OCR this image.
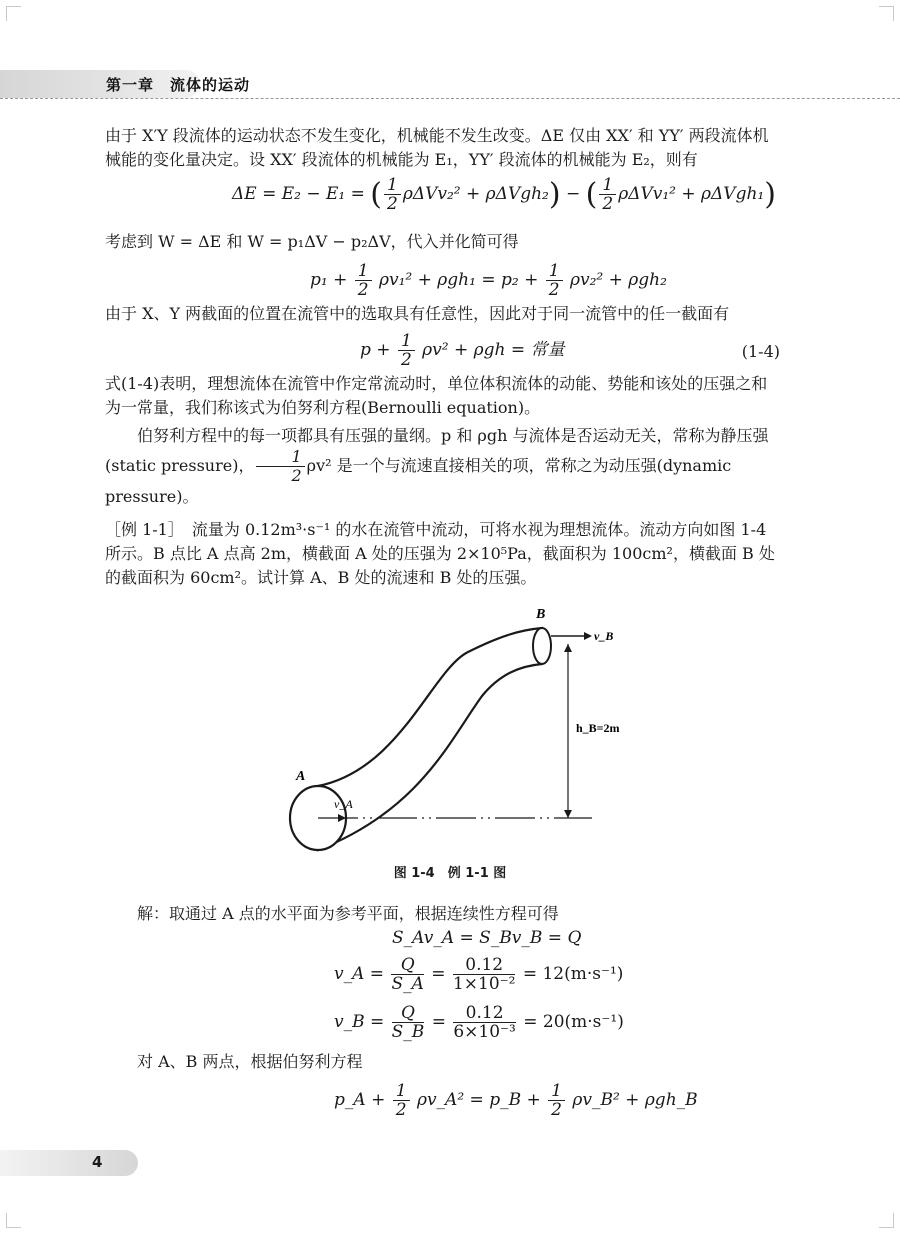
第一章　流体的运动

由于 X′Y 段流体的运动状态不发生变化，机械能不发生改变。ΔE 仅由 XX′ 和 YY′ 两段流体机械能的变化量决定。设 XX′ 段流体的机械能为 E₁，YY′ 段流体的机械能为 E₂，则有

ΔE = E₂ − E₁ = ( $\frac{1}{2} \rho\Delta Vv_2^2 + \rho\Delta Vgh_2$) − ( $\frac{1}{2} \rho\Delta Vv_1^2 + \rho\Delta Vgh_1$)

考虑到 W = ΔE 和 W = p₁ΔV − p₂ΔV，代入并化简可得

$p_1 + \frac{1}{2} \rho v_1^2 + \rho gh_1 = p_2 + \frac{1}{2} \rho v_2^2 + \rho gh_2$

由于 X、Y 两截面的位置在流管中的选取具有任意性，因此对于同一流管中的任一截面有

$p + \frac{1}{2} \rho v^2 + \rho gh$ = 常量	(1-4)

式(1-4)表明，理想流体在流管中作定常流动时，单位体积流体的动能、势能和该处的压强之和为一常量，我们称该式为伯努利方程(Bernoulli equation)。

伯努利方程中的每一项都具有压强的量纲。p 和 ρgh 与流体是否运动无关，常称为静压强(static pressure)， $\frac{1}{2} \rho v^2$ 是一个与流速直接相关的项，常称之为动压强(dynamic pressure)。

［例 1-1］　流量为 0.12m³·s⁻¹ 的水在流管中流动，可将水视为理想流体。流动方向如图 1-4 所示。B 点比 A 点高 2m，横截面 A 处的压强为 2×10⁵Pa，截面积为 100cm²，横截面 B 处的截面积为 60cm²。试计算 A、B 处的流速和 B 处的压强。

A
B
v_A
v_B
h_B=2m
图 1-4　例 1-1 图

解：取通过 A 点的水平面为参考平面，根据连续性方程可得

S_Av_A = S_Bv_B = Q
v_A = $\frac{Q}{S\_A} = \frac{0.12}{\text{1×10⁻²}} = 12(m\cdot s^{-1})$
v_B = $\frac{Q}{S\_B} = \frac{0.12}{\text{6×10⁻³}} = 20(m\cdot s^{-1})$

对 A、B 两点，根据伯努利方程

p_A + $\frac{1}{2}$ ρv_A² = p_B + $\frac{1}{2}$ ρv_B² + ρgh_B
4
